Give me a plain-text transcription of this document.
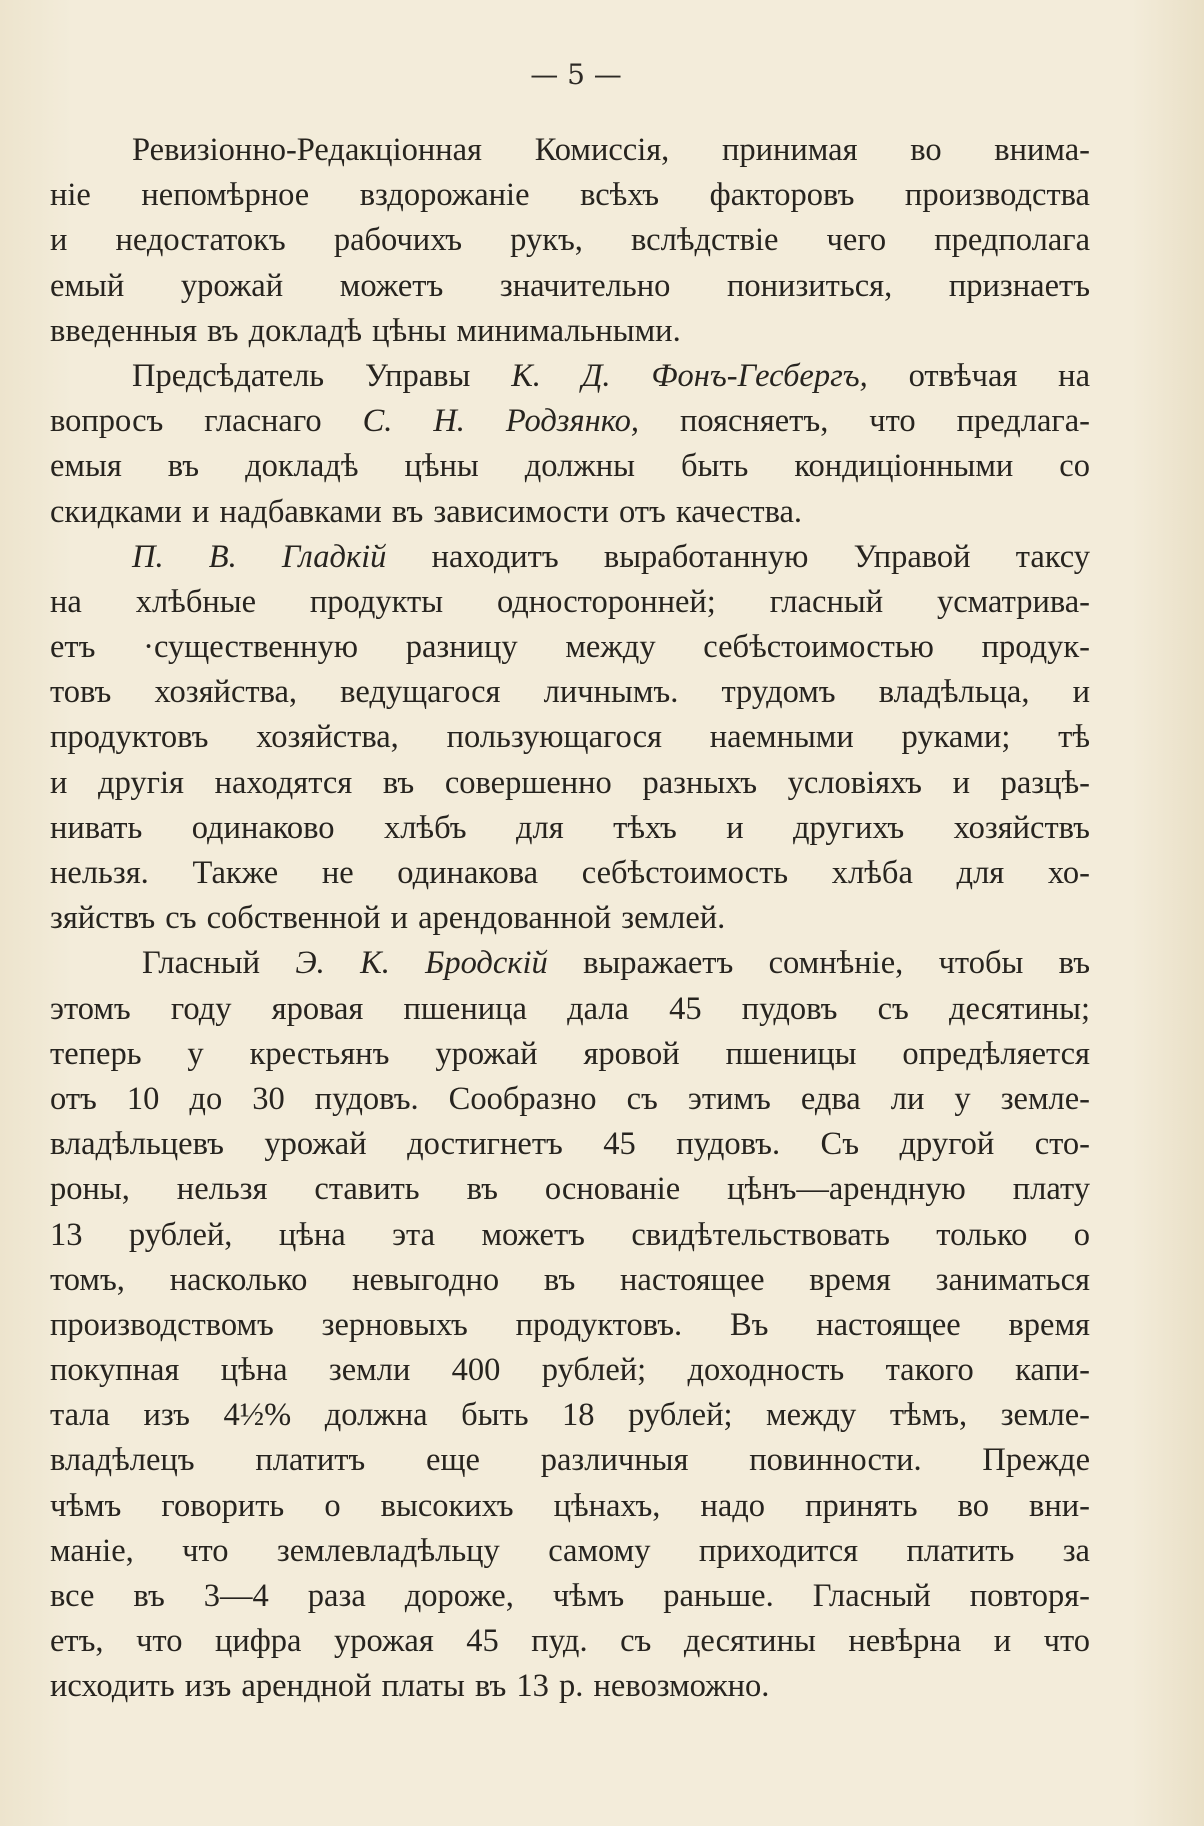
— 5 —
Ревизіонно-Редакціонная Комиссія, принимая во внима-
ніе непомѣрное вздорожаніе всѣхъ факторовъ производства
и недостатокъ рабочихъ рукъ, вслѣдствіе чего предполага
емый урожай можетъ значительно понизиться, признаетъ
введенныя въ докладѣ цѣны минимальными.
Предсѣдатель Управы К. Д. Фонъ-Гесбергъ, отвѣчая на
вопросъ гласнаго С. Н. Родзянко, поясняетъ, что предлага-
емыя въ докладѣ цѣны должны быть кондиціонными со
скидками и надбавками въ зависимости отъ качества.
П. В. Гладкій находитъ выработанную Управой таксу
на хлѣбные продукты односторонней; гласный усматрива-
етъ ·существенную разницу между себѣстоимостью продук-
товъ хозяйства, ведущагося личнымъ. трудомъ владѣльца, и
продуктовъ хозяйства, пользующагося наемными руками; тѣ
и другія находятся въ совершенно разныхъ условіяхъ и разцѣ-
нивать одинаково хлѣбъ для тѣхъ и другихъ хозяйствъ
нельзя. Также не одинакова себѣстоимость хлѣба для хо-
зяйствъ съ собственной и арендованной землей.
Гласный Э. К. Бродскій выражаетъ сомнѣніе, чтобы въ
этомъ году яровая пшеница дала 45 пудовъ съ десятины;
теперь у крестьянъ урожай яровой пшеницы опредѣляется
отъ 10 до 30 пудовъ. Сообразно съ этимъ едва ли у земле-
владѣльцевъ урожай достигнетъ 45 пудовъ. Съ другой сто-
роны, нельзя ставить въ основаніе цѣнъ—арендную плату
13 рублей, цѣна эта можетъ свидѣтельствовать только о
томъ, насколько невыгодно въ настоящее время заниматься
производствомъ зерновыхъ продуктовъ. Въ настоящее время
покупная цѣна земли 400 рублей; доходность такого капи-
тала изъ 4½% должна быть 18 рублей; между тѣмъ, земле-
владѣлецъ платитъ еще различныя повинности. Прежде
чѣмъ говорить о высокихъ цѣнахъ, надо принять во вни-
маніе, что землевладѣльцу самому приходится платить за
все въ 3—4 раза дороже, чѣмъ раньше. Гласный повторя-
етъ, что цифра урожая 45 пуд. съ десятины невѣрна и что
исходить изъ арендной платы въ 13 р. невозможно.
